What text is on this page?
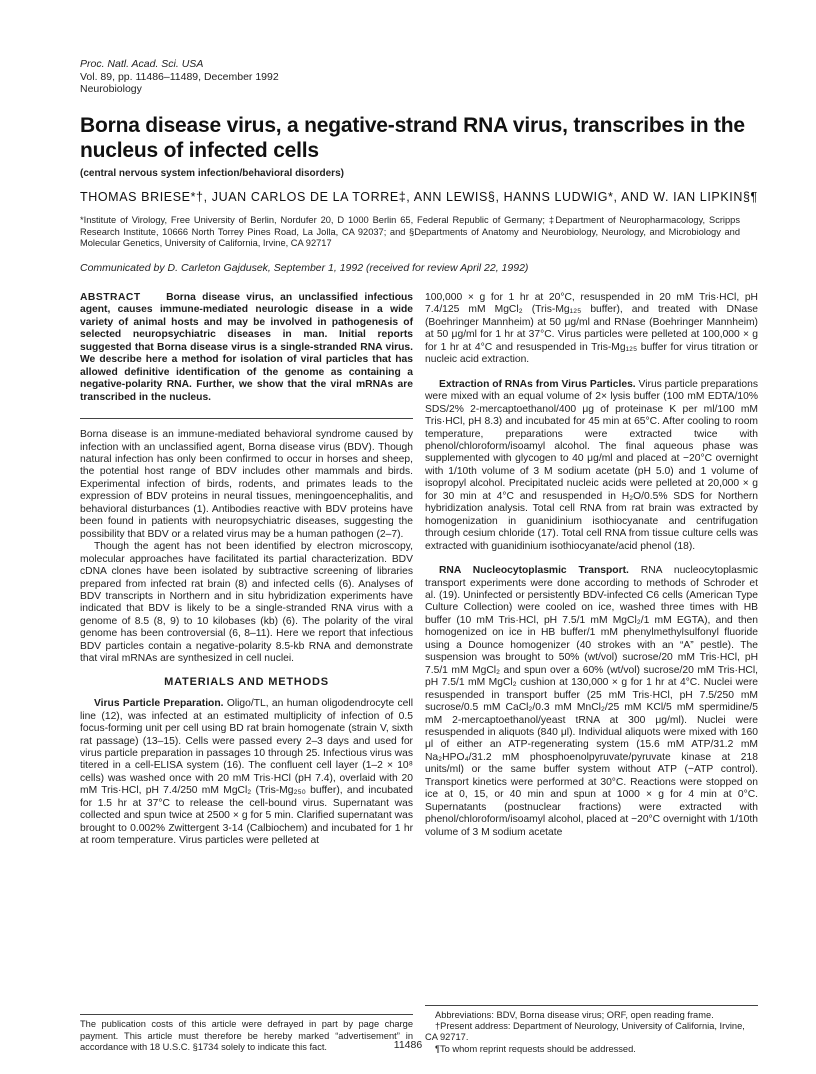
Proc. Natl. Acad. Sci. USA
Vol. 89, pp. 11486–11489, December 1992
Neurobiology
Borna disease virus, a negative-strand RNA virus, transcribes in the nucleus of infected cells
(central nervous system infection/behavioral disorders)
THOMAS BRIESE*†, JUAN CARLOS DE LA TORRE‡, ANN LEWIS§, HANNS LUDWIG*, AND W. IAN LIPKIN§¶
*Institute of Virology, Free University of Berlin, Nordufer 20, D 1000 Berlin 65, Federal Republic of Germany; ‡Department of Neuropharmacology, Scripps Research Institute, 10666 North Torrey Pines Road, La Jolla, CA 92037; and §Departments of Anatomy and Neurobiology, Neurology, and Microbiology and Molecular Genetics, University of California, Irvine, CA 92717
Communicated by D. Carleton Gajdusek, September 1, 1992 (received for review April 22, 1992)

ABSTRACT Borna disease virus, an unclassified infectious agent, causes immune-mediated neurologic disease in a wide variety of animal hosts and may be involved in pathogenesis of selected neuropsychiatric diseases in man. Initial reports suggested that Borna disease virus is a single-stranded RNA virus. We describe here a method for isolation of viral particles that has allowed definitive identification of the genome as containing a negative-polarity RNA. Further, we show that the viral mRNAs are transcribed in the nucleus.

Borna disease is an immune-mediated behavioral syndrome caused by infection with an unclassified agent, Borna disease virus (BDV). Though natural infection has only been confirmed to occur in horses and sheep, the potential host range of BDV includes other mammals and birds. Experimental infection of birds, rodents, and primates leads to the expression of BDV proteins in neural tissues, meningoencephalitis, and behavioral disturbances (1). Antibodies reactive with BDV proteins have been found in patients with neuropsychiatric diseases, suggesting the possibility that BDV or a related virus may be a human pathogen (2–7).

Though the agent has not been identified by electron microscopy, molecular approaches have facilitated its partial characterization. BDV cDNA clones have been isolated by subtractive screening of libraries prepared from infected rat brain (8) and infected cells (6). Analyses of BDV transcripts in Northern and in situ hybridization experiments have indicated that BDV is likely to be a single-stranded RNA virus with a genome of 8.5 (8, 9) to 10 kilobases (kb) (6). The polarity of the viral genome has been controversial (6, 8–11). Here we report that infectious BDV particles contain a negative-polarity 8.5-kb RNA and demonstrate that viral mRNAs are synthesized in cell nuclei.

MATERIALS AND METHODS

Virus Particle Preparation. Oligo/TL, an human oligodendrocyte cell line (12), was infected at an estimated multiplicity of infection of 0.5 focus-forming unit per cell using BD rat brain homogenate (strain V, sixth rat passage) (13–15). Cells were passed every 2–3 days and used for virus particle preparation in passages 10 through 25. Infectious virus was titered in a cell-ELISA system (16). The confluent cell layer (1–2 × 10⁸ cells) was washed once with 20 mM Tris·HCl (pH 7.4), overlaid with 20 mM Tris·HCl, pH 7.4/250 mM MgCl₂ (Tris-Mg₂₅₀ buffer), and incubated for 1.5 hr at 37°C to release the cell-bound virus. Supernatant was collected and spun twice at 2500 × g for 5 min. Clarified supernatant was brought to 0.002% Zwittergent 3-14 (Calbiochem) and incubated for 1 hr at room temperature. Virus particles were pelleted at

100,000 × g for 1 hr at 20°C, resuspended in 20 mM Tris·HCl, pH 7.4/125 mM MgCl₂ (Tris-Mg₁₂₅ buffer), and treated with DNase (Boehringer Mannheim) at 50 μg/ml and RNase (Boehringer Mannheim) at 50 μg/ml for 1 hr at 37°C. Virus particles were pelleted at 100,000 × g for 1 hr at 4°C and resuspended in Tris-Mg₁₂₅ buffer for virus titration or nucleic acid extraction.

Extraction of RNAs from Virus Particles. Virus particle preparations were mixed with an equal volume of 2× lysis buffer (100 mM EDTA/10% SDS/2% 2-mercaptoethanol/400 μg of proteinase K per ml/100 mM Tris·HCl, pH 8.3) and incubated for 45 min at 65°C. After cooling to room temperature, preparations were extracted twice with phenol/chloroform/isoamyl alcohol. The final aqueous phase was supplemented with glycogen to 40 μg/ml and placed at −20°C overnight with 1/10th volume of 3 M sodium acetate (pH 5.0) and 1 volume of isopropyl alcohol. Precipitated nucleic acids were pelleted at 20,000 × g for 30 min at 4°C and resuspended in H₂O/0.5% SDS for Northern hybridization analysis. Total cell RNA from rat brain was extracted by homogenization in guanidinium isothiocyanate and centrifugation through cesium chloride (17). Total cell RNA from tissue culture cells was extracted with guanidinium isothiocyanate/acid phenol (18).

RNA Nucleocytoplasmic Transport. RNA nucleocytoplasmic transport experiments were done according to methods of Schroder et al. (19). Uninfected or persistently BDV-infected C6 cells (American Type Culture Collection) were cooled on ice, washed three times with HB buffer (10 mM Tris·HCl, pH 7.5/1 mM MgCl₂/1 mM EGTA), and then homogenized on ice in HB buffer/1 mM phenylmethylsulfonyl fluoride using a Dounce homogenizer (40 strokes with an “A” pestle). The suspension was brought to 50% (wt/vol) sucrose/20 mM Tris·HCl, pH 7.5/1 mM MgCl₂ and spun over a 60% (wt/vol) sucrose/20 mM Tris·HCl, pH 7.5/1 mM MgCl₂ cushion at 130,000 × g for 1 hr at 4°C. Nuclei were resuspended in transport buffer (25 mM Tris·HCl, pH 7.5/250 mM sucrose/0.5 mM CaCl₂/0.3 mM MnCl₂/25 mM KCl/5 mM spermidine/5 mM 2-mercaptoethanol/yeast tRNA at 300 μg/ml). Nuclei were resuspended in aliquots (840 μl). Individual aliquots were mixed with 160 μl of either an ATP-regenerating system (15.6 mM ATP/31.2 mM Na₂HPO₄/31.2 mM phosphoenolpyruvate/pyruvate kinase at 218 units/ml) or the same buffer system without ATP (−ATP control). Transport kinetics were performed at 30°C. Reactions were stopped on ice at 0, 15, or 40 min and spun at 1000 × g for 4 min at 0°C. Supernatants (postnuclear fractions) were extracted with phenol/chloroform/isoamyl alcohol, placed at −20°C overnight with 1/10th volume of 3 M sodium acetate

The publication costs of this article were defrayed in part by page charge payment. This article must therefore be hereby marked “advertisement” in accordance with 18 U.S.C. §1734 solely to indicate this fact.
Abbreviations: BDV, Borna disease virus; ORF, open reading frame.
†Present address: Department of Neurology, University of California, Irvine, CA 92717.
¶To whom reprint requests should be addressed.
11486
